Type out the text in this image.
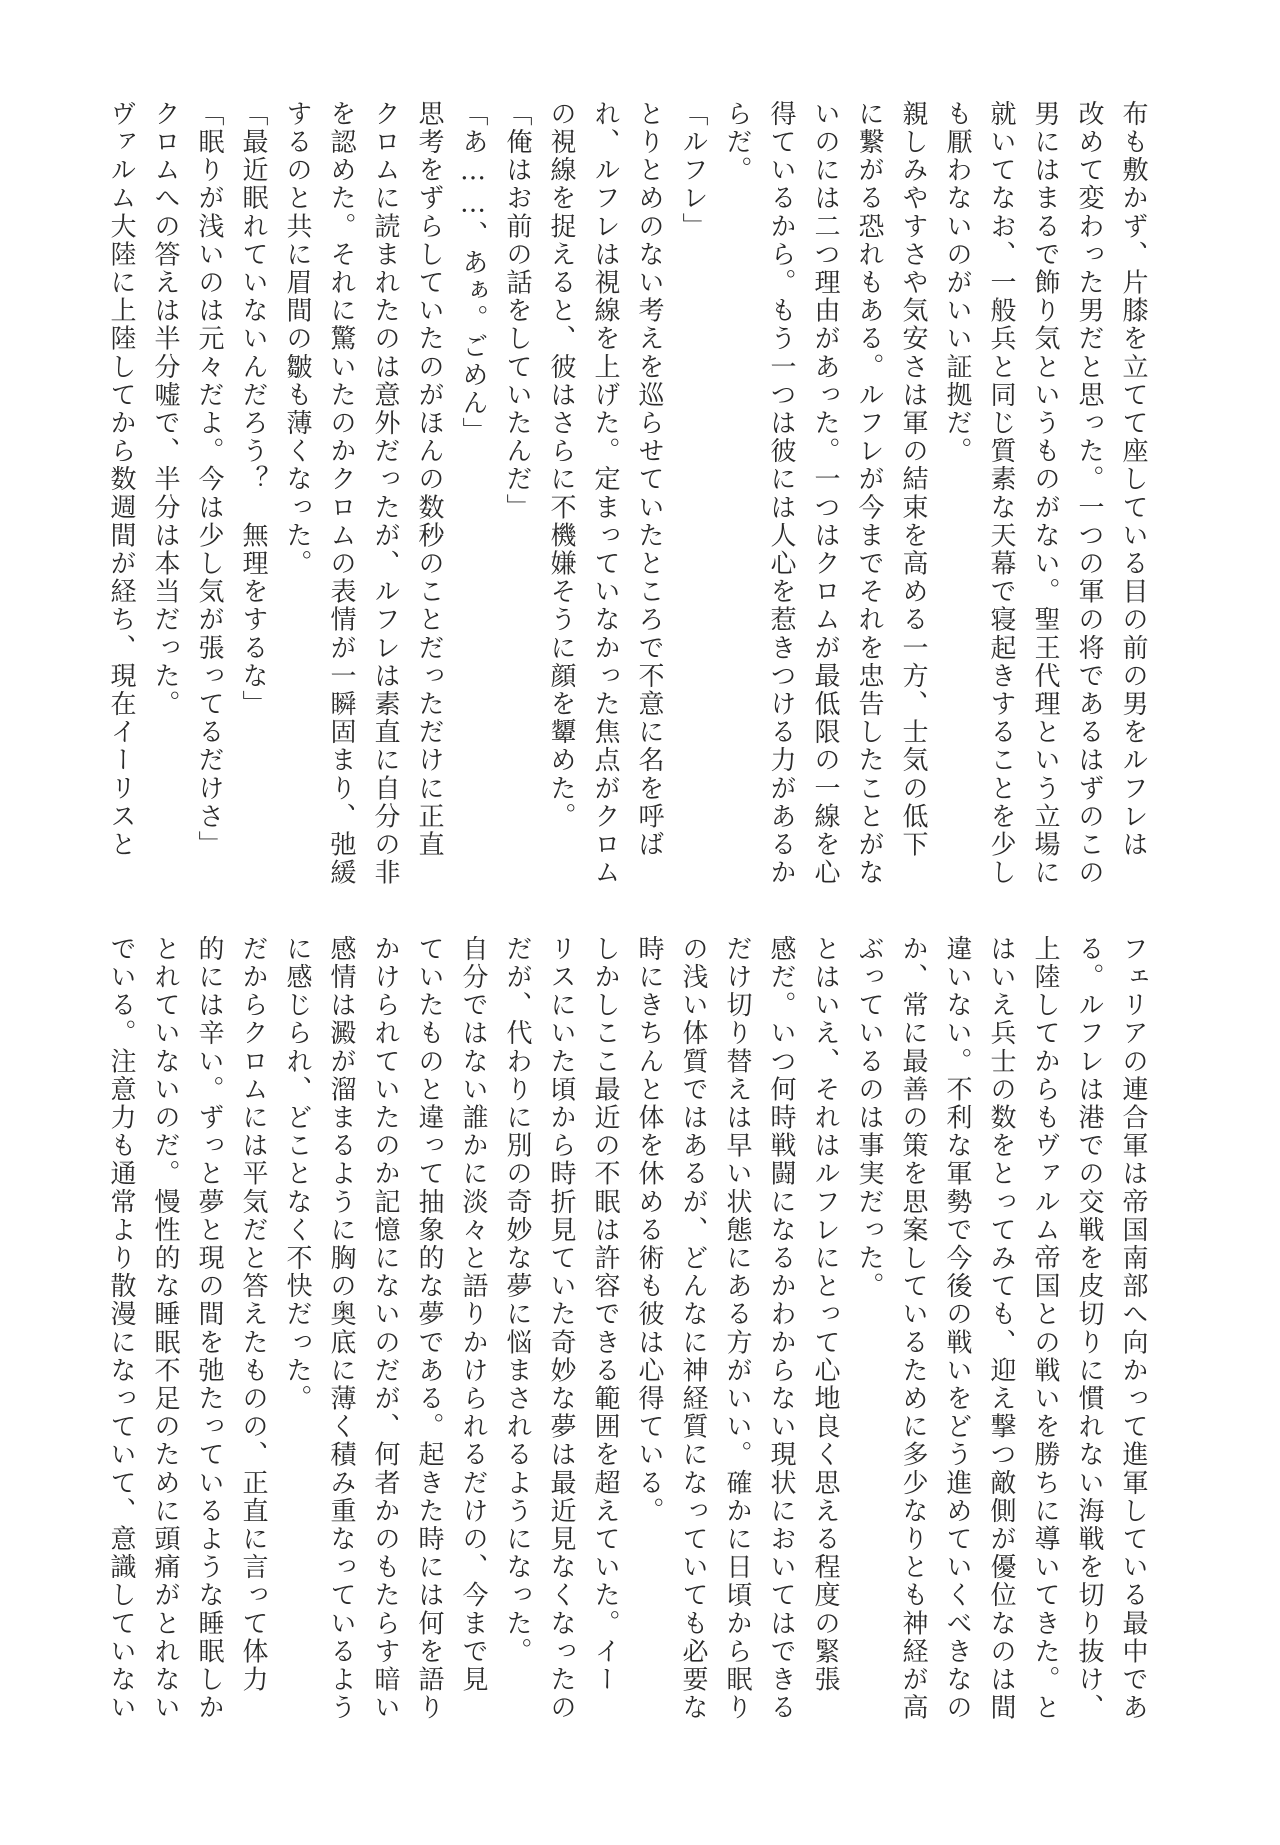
布も敷かず、片膝を立てて座している目の前の男をルフレは
改めて変わった男だと思った。一つの軍の将であるはずのこの
男にはまるで飾り気というものがない。聖王代理という立場に
就いてなお、一般兵と同じ質素な天幕で寝起きすることを少し
も厭わないのがいい証拠だ。
親しみやすさや気安さは軍の結束を高める一方、士気の低下
に繋がる恐れもある。ルフレが今までそれを忠告したことがな
いのには二つ理由があった。一つはクロムが最低限の一線を心
得ているから。もう一つは彼には人心を惹きつける力があるか
らだ。
「ルフレ」
とりとめのない考えを巡らせていたところで不意に名を呼ば
れ、ルフレは視線を上げた。定まっていなかった焦点がクロム
の視線を捉えると、彼はさらに不機嫌そうに顔を顰めた。
「俺はお前の話をしていたんだ」
「あ……、あぁ。ごめん」
思考をずらしていたのがほんの数秒のことだっただけに正直
クロムに読まれたのは意外だったが、ルフレは素直に自分の非
を認めた。それに驚いたのかクロムの表情が一瞬固まり、弛緩
するのと共に眉間の皺も薄くなった。
「最近眠れていないんだろう？　無理をするな」
「眠りが浅いのは元々だよ。今は少し気が張ってるだけさ」
クロムへの答えは半分嘘で、半分は本当だった。
ヴァルム大陸に上陸してから数週間が経ち、現在イーリスと
フェリアの連合軍は帝国南部へ向かって進軍している最中であ
る。ルフレは港での交戦を皮切りに慣れない海戦を切り抜け、
上陸してからもヴァルム帝国との戦いを勝ちに導いてきた。と
はいえ兵士の数をとってみても、迎え撃つ敵側が優位なのは間
違いない。不利な軍勢で今後の戦いをどう進めていくべきなの
か、常に最善の策を思案しているために多少なりとも神経が高
ぶっているのは事実だった。
とはいえ、それはルフレにとって心地良く思える程度の緊張
感だ。いつ何時戦闘になるかわからない現状においてはできる
だけ切り替えは早い状態にある方がいい。確かに日頃から眠り
の浅い体質ではあるが、どんなに神経質になっていても必要な
時にきちんと体を休める術も彼は心得ている。
しかしここ最近の不眠は許容できる範囲を超えていた。イー
リスにいた頃から時折見ていた奇妙な夢は最近見なくなったの
だが、代わりに別の奇妙な夢に悩まされるようになった。
自分ではない誰かに淡々と語りかけられるだけの、今まで見
ていたものと違って抽象的な夢である。起きた時には何を語り
かけられていたのか記憶にないのだが、何者かのもたらす暗い
感情は澱が溜まるように胸の奥底に薄く積み重なっているよう
に感じられ、どことなく不快だった。
だからクロムには平気だと答えたものの、正直に言って体力
的には辛い。ずっと夢と現の間を弛たっているような睡眠しか
とれていないのだ。慢性的な睡眠不足のために頭痛がとれない
でいる。注意力も通常より散漫になっていて、意識していない
